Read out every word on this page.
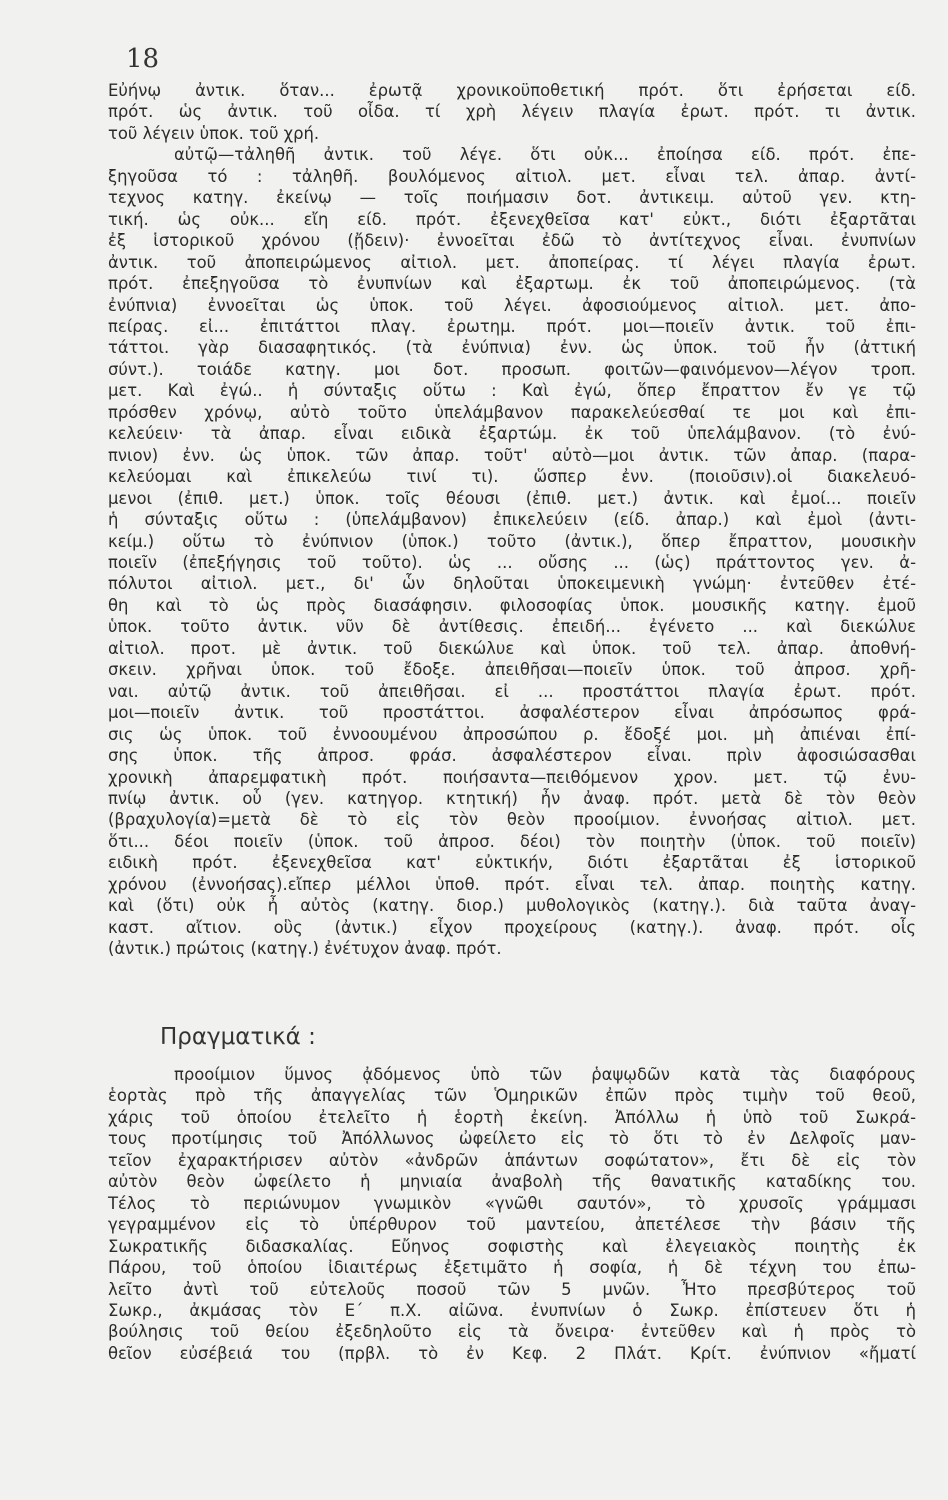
18
Εὐήνῳ ἀντικ. ὅταν... ἐρωτᾷ χρονικοϋποθετική πρότ. ὅτι ἐρήσεται είδ.
πρότ. ὡς ἀντικ. τοῦ οἶδα. τί χρὴ λέγειν πλαγία ἐρωτ. πρότ. τι ἀντικ.
τοῦ λέγειν ὑποκ. τοῦ χρή.
αὐτῷ—τἀληθῆ ἀντικ. τοῦ λέγε. ὅτι οὐκ... ἐποίησα είδ. πρότ. ἐπε-
ξηγοῦσα τό : τἀληθῆ. βουλόμενος αἰτιολ. μετ. εἶναι τελ. ἀπαρ. ἀντί-
τεχνος κατηγ. ἐκείνῳ — τοῖς ποιήμασιν δοτ. ἀντικειμ. αὐτοῦ γεν. κτη-
τική. ὡς οὐκ... εἴη είδ. πρότ. ἐξενεχθεῖσα κατ' εὐκτ., διότι ἐξαρτᾶται
ἐξ ἱστορικοῦ χρόνου (ᾔδειν)· ἐννοεῖται ἐδῶ τὸ ἀντίτεχνος εἶναι. ἐνυπνίων
ἀντικ. τοῦ ἀποπειρώμενος αἰτιολ. μετ. ἀποπείρας. τί λέγει πλαγία ἐρωτ.
πρότ. ἐπεξηγοῦσα τὸ ἐνυπνίων καὶ ἐξαρτωμ. ἐκ τοῦ ἀποπειρώμενος. (τὰ
ἐνύπνια) ἐννοεῖται ὡς ὑποκ. τοῦ λέγει. ἀφοσιούμενος αἰτιολ. μετ. ἀπο-
πείρας. εἰ... ἐπιτάττοι πλαγ. ἐρωτημ. πρότ. μοι—ποιεῖν ἀντικ. τοῦ ἐπι-
τάττοι. γὰρ διασαφητικός. (τὰ ἐνύπνια) ἐνν. ὡς ὑποκ. τοῦ ἦν (ἀττική
σύντ.). τοιάδε κατηγ. μοι δοτ. προσωπ. φοιτῶν—φαινόμενον—λέγον τροπ.
μετ. Καὶ ἐγώ.. ἡ σύνταξις οὕτω : Καὶ ἐγώ, ὅπερ ἔπραττον ἔν γε τῷ
πρόσθεν χρόνῳ, αὐτὸ τοῦτο ὑπελάμβανον παρακελεύεσθαί τε μοι καὶ ἐπι-
κελεύειν· τὰ ἀπαρ. εἶναι ειδικὰ ἐξαρτώμ. ἐκ τοῦ ὑπελάμβανον. (τὸ ἐνύ-
πνιον) ἐνν. ὡς ὑποκ. τῶν ἀπαρ. τοῦτ' αὐτὸ—μοι ἀντικ. τῶν ἀπαρ. (παρα-
κελεύομαι καὶ ἐπικελεύω τινί τι). ὥσπερ ἐνν. (ποιοῦσιν).οἱ διακελευό-
μενοι (ἐπιθ. μετ.) ὑποκ. τοῖς θέουσι (ἐπιθ. μετ.) ἀντικ. καὶ ἐμοί... ποιεῖν
ἡ σύνταξις οὕτω : (ὑπελάμβανον) ἐπικελεύειν (είδ. ἀπαρ.) καὶ ἐμοὶ (ἀντι-
κείμ.) οὕτω τὸ ἐνύπνιον (ὑποκ.) τοῦτο (ἀντικ.), ὅπερ ἔπραττον, μουσικὴν
ποιεῖν (ἐπεξήγησις τοῦ τοῦτο). ὡς ... οὔσης ... (ὡς) πράττοντος γεν. ἀ-
πόλυτοι αἰτιολ. μετ., δι' ὧν δηλοῦται ὑποκειμενικὴ γνώμη· ἐντεῦθεν ἐτέ-
θη καὶ τὸ ὡς πρὸς διασάφησιν. φιλοσοφίας ὑποκ. μουσικῆς κατηγ. ἐμοῦ
ὑποκ. τοῦτο ἀντικ. νῦν δὲ ἀντίθεσις. ἐπειδή... ἐγένετο ... καὶ διεκώλυε
αἰτιολ. προτ. μὲ ἀντικ. τοῦ διεκώλυε καὶ ὑποκ. τοῦ τελ. ἀπαρ. ἀποθνή-
σκειν. χρῆναι ὑποκ. τοῦ ἔδοξε. ἀπειθῆσαι—ποιεῖν ὑποκ. τοῦ ἀπροσ. χρῆ-
ναι. αὐτῷ ἀντικ. τοῦ ἀπειθῆσαι. εἰ ... προστάττοι πλαγία ἐρωτ. πρότ.
μοι—ποιεῖν ἀντικ. τοῦ προστάττοι. ἀσφαλέστερον εἶναι ἀπρόσωπος φρά-
σις ὡς ὑποκ. τοῦ ἐννοουμένου ἀπροσώπου ρ. ἔδοξέ μοι. μὴ ἀπιέναι ἐπί-
σης ὑποκ. τῆς ἀπροσ. φράσ. ἀσφαλέστερον εἶναι. πρὶν ἀφοσιώσασθαι
χρονικὴ ἀπαρεμφατικὴ πρότ. ποιήσαντα—πειθόμενον χρον. μετ. τῷ ἐνυ-
πνίῳ ἀντικ. οὗ (γεν. κατηγορ. κτητική) ἦν ἀναφ. πρότ. μετὰ δὲ τὸν θεὸν
(βραχυλογία)=μετὰ δὲ τὸ εἰς τὸν θεὸν προοίμιον. ἐννοήσας αἰτιολ. μετ.
ὅτι... δέοι ποιεῖν (ὑποκ. τοῦ ἀπροσ. δέοι) τὸν ποιητὴν (ὑποκ. τοῦ ποιεῖν)
ειδικὴ πρότ. ἐξενεχθεῖσα κατ' εὐκτικήν, διότι ἐξαρτᾶται ἐξ ἱστορικοῦ
χρόνου (ἐννοήσας).εἴπερ μέλλοι ὑποθ. πρότ. εἶναι τελ. ἀπαρ. ποιητὴς κατηγ.
καὶ (ὅτι) οὐκ ἦ αὐτὸς (κατηγ. διορ.) μυθολογικὸς (κατηγ.). διὰ ταῦτα ἀναγ-
καστ. αἴτιον. οὓς (ἀντικ.) εἶχον προχείρους (κατηγ.). ἀναφ. πρότ. οἷς
(ἀντικ.) πρώτοις (κατηγ.) ἐνέτυχον ἀναφ. πρότ.
Πραγματικά :
προοίμιον ὕμνος ᾀδόμενος ὑπὸ τῶν ῥαψῳδῶν κατὰ τὰς διαφόρους
ἑορτὰς πρὸ τῆς ἀπαγγελίας τῶν Ὁμηρικῶν ἐπῶν πρὸς τιμὴν τοῦ θεοῦ,
χάρις τοῦ ὁποίου ἐτελεῖτο ἡ ἑορτὴ ἐκείνη. Ἀπόλλω ἡ ὑπὸ τοῦ Σωκρά-
τους προτίμησις τοῦ Ἀπόλλωνος ὠφείλετο εἰς τὸ ὅτι τὸ ἐν Δελφοῖς μαν-
τεῖον ἐχαρακτήρισεν αὐτὸν «ἀνδρῶν ἁπάντων σοφώτατον», ἔτι δὲ εἰς τὸν
αὐτὸν θεὸν ὠφείλετο ἡ μηνιαία ἀναβολὴ τῆς θανατικῆς καταδίκης του.
Τέλος τὸ περιώνυμον γνωμικὸν «γνῶθι σαυτόν», τὸ χρυσοῖς γράμμασι
γεγραμμένον εἰς τὸ ὑπέρθυρον τοῦ μαντείου, ἀπετέλεσε τὴν βάσιν τῆς
Σωκρατικῆς διδασκαλίας. Εὔηνος σοφιστὴς καὶ ἐλεγειακὸς ποιητὴς ἐκ
Πάρου, τοῦ ὁποίου ἰδιαιτέρως ἐξετιμᾶτο ἡ σοφία, ἡ δὲ τέχνη του ἐπω-
λεῖτο ἀντὶ τοῦ εὐτελοῦς ποσοῦ τῶν 5 μνῶν. Ἦτο πρεσβύτερος τοῦ
Σωκρ., ἀκμάσας τὸν Ε΄ π.Χ. αἰῶνα. ἐνυπνίων ὁ Σωκρ. ἐπίστευεν ὅτι ἡ
βούλησις τοῦ θείου ἐξεδηλοῦτο εἰς τὰ ὄνειρα· ἐντεῦθεν καὶ ἡ πρὸς τὸ
θεῖον εὐσέβειά του (πρβλ. τὸ ἐν Κεφ. 2 Πλάτ. Κρίτ. ἐνύπνιον «ἤματί
